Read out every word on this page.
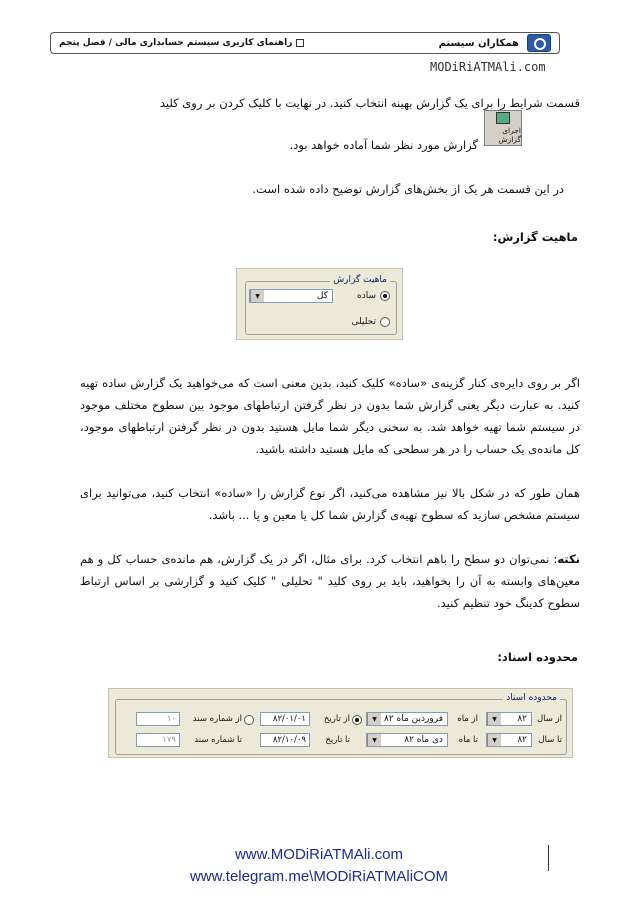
همکاران سیستم
راهنمای کاربری سیستم حسابداری مالی / فصل پنجم
MODiRiATMAli.com
قسمت شرایط را برای یک گزارش بهینه انتخاب کنید. در نهایت با کلیک کردن بر روی کلید
اجرای گزارش
گزارش مورد نظر شما آماده خواهد بود.
در این قسمت هر یک از بخش‌های گزارش توضیح داده شده است.
ماهیت گزارش:
ماهیت گزارش
ساده
کل
▼
تحلیلی
اگر بر روی دایره‌ی کنار گزینه‌ی «ساده» کلیک کنید، بدین معنی است که می‌خواهید یک گزارش ساده تهیه کنید. به عبارت دیگر یعنی گزارش شما بدون در نظر گرفتن ارتباطهای موجود بین سطوح مختلف موجود در سیستم شما تهیه خواهد شد. به سخنی دیگر شما مایل هستید بدون در نظر گرفتن ارتباطهای موجود، کل مانده‌ی یک حساب را در هر سطحی که مایل هستید داشته باشید.
همان طور که در شکل بالا نیز مشاهده می‌کنید، اگر نوع گزارش را «ساده» انتخاب کنید، می‌توانید برای سیستم مشخص سازید که سطوح تهیه‌ی گزارش شما کل یا معین و یا ... باشد.
نکته: نمی‌توان دو سطح را باهم انتخاب کرد. برای مثال، اگر در یک گزارش، هم مانده‌ی حساب کل و هم معین‌های وابسته به آن را بخواهید، باید بر روی کلید " تحلیلی " کلیک کنید و گزارشی بر اساس ارتباط سطوح کدینگ خود تنظیم کنید.
محدوده اسناد:
محدوده اسناد
از سال
۸۲
▼
از ماه
فروردین ماه ۸۲
▼
از تاریخ
۸۲/۰۱/۰۱
از شماره سند
۱۰
تا سال
۸۲
▼
تا ماه
دی ماه ۸۲
▼
تا تاریخ
۸۲/۱۰/۰۹
تا شماره سند
۱۷۹
www.MODiRiATMAli.com
www.telegram.me\MODiRiATMAliCOM
